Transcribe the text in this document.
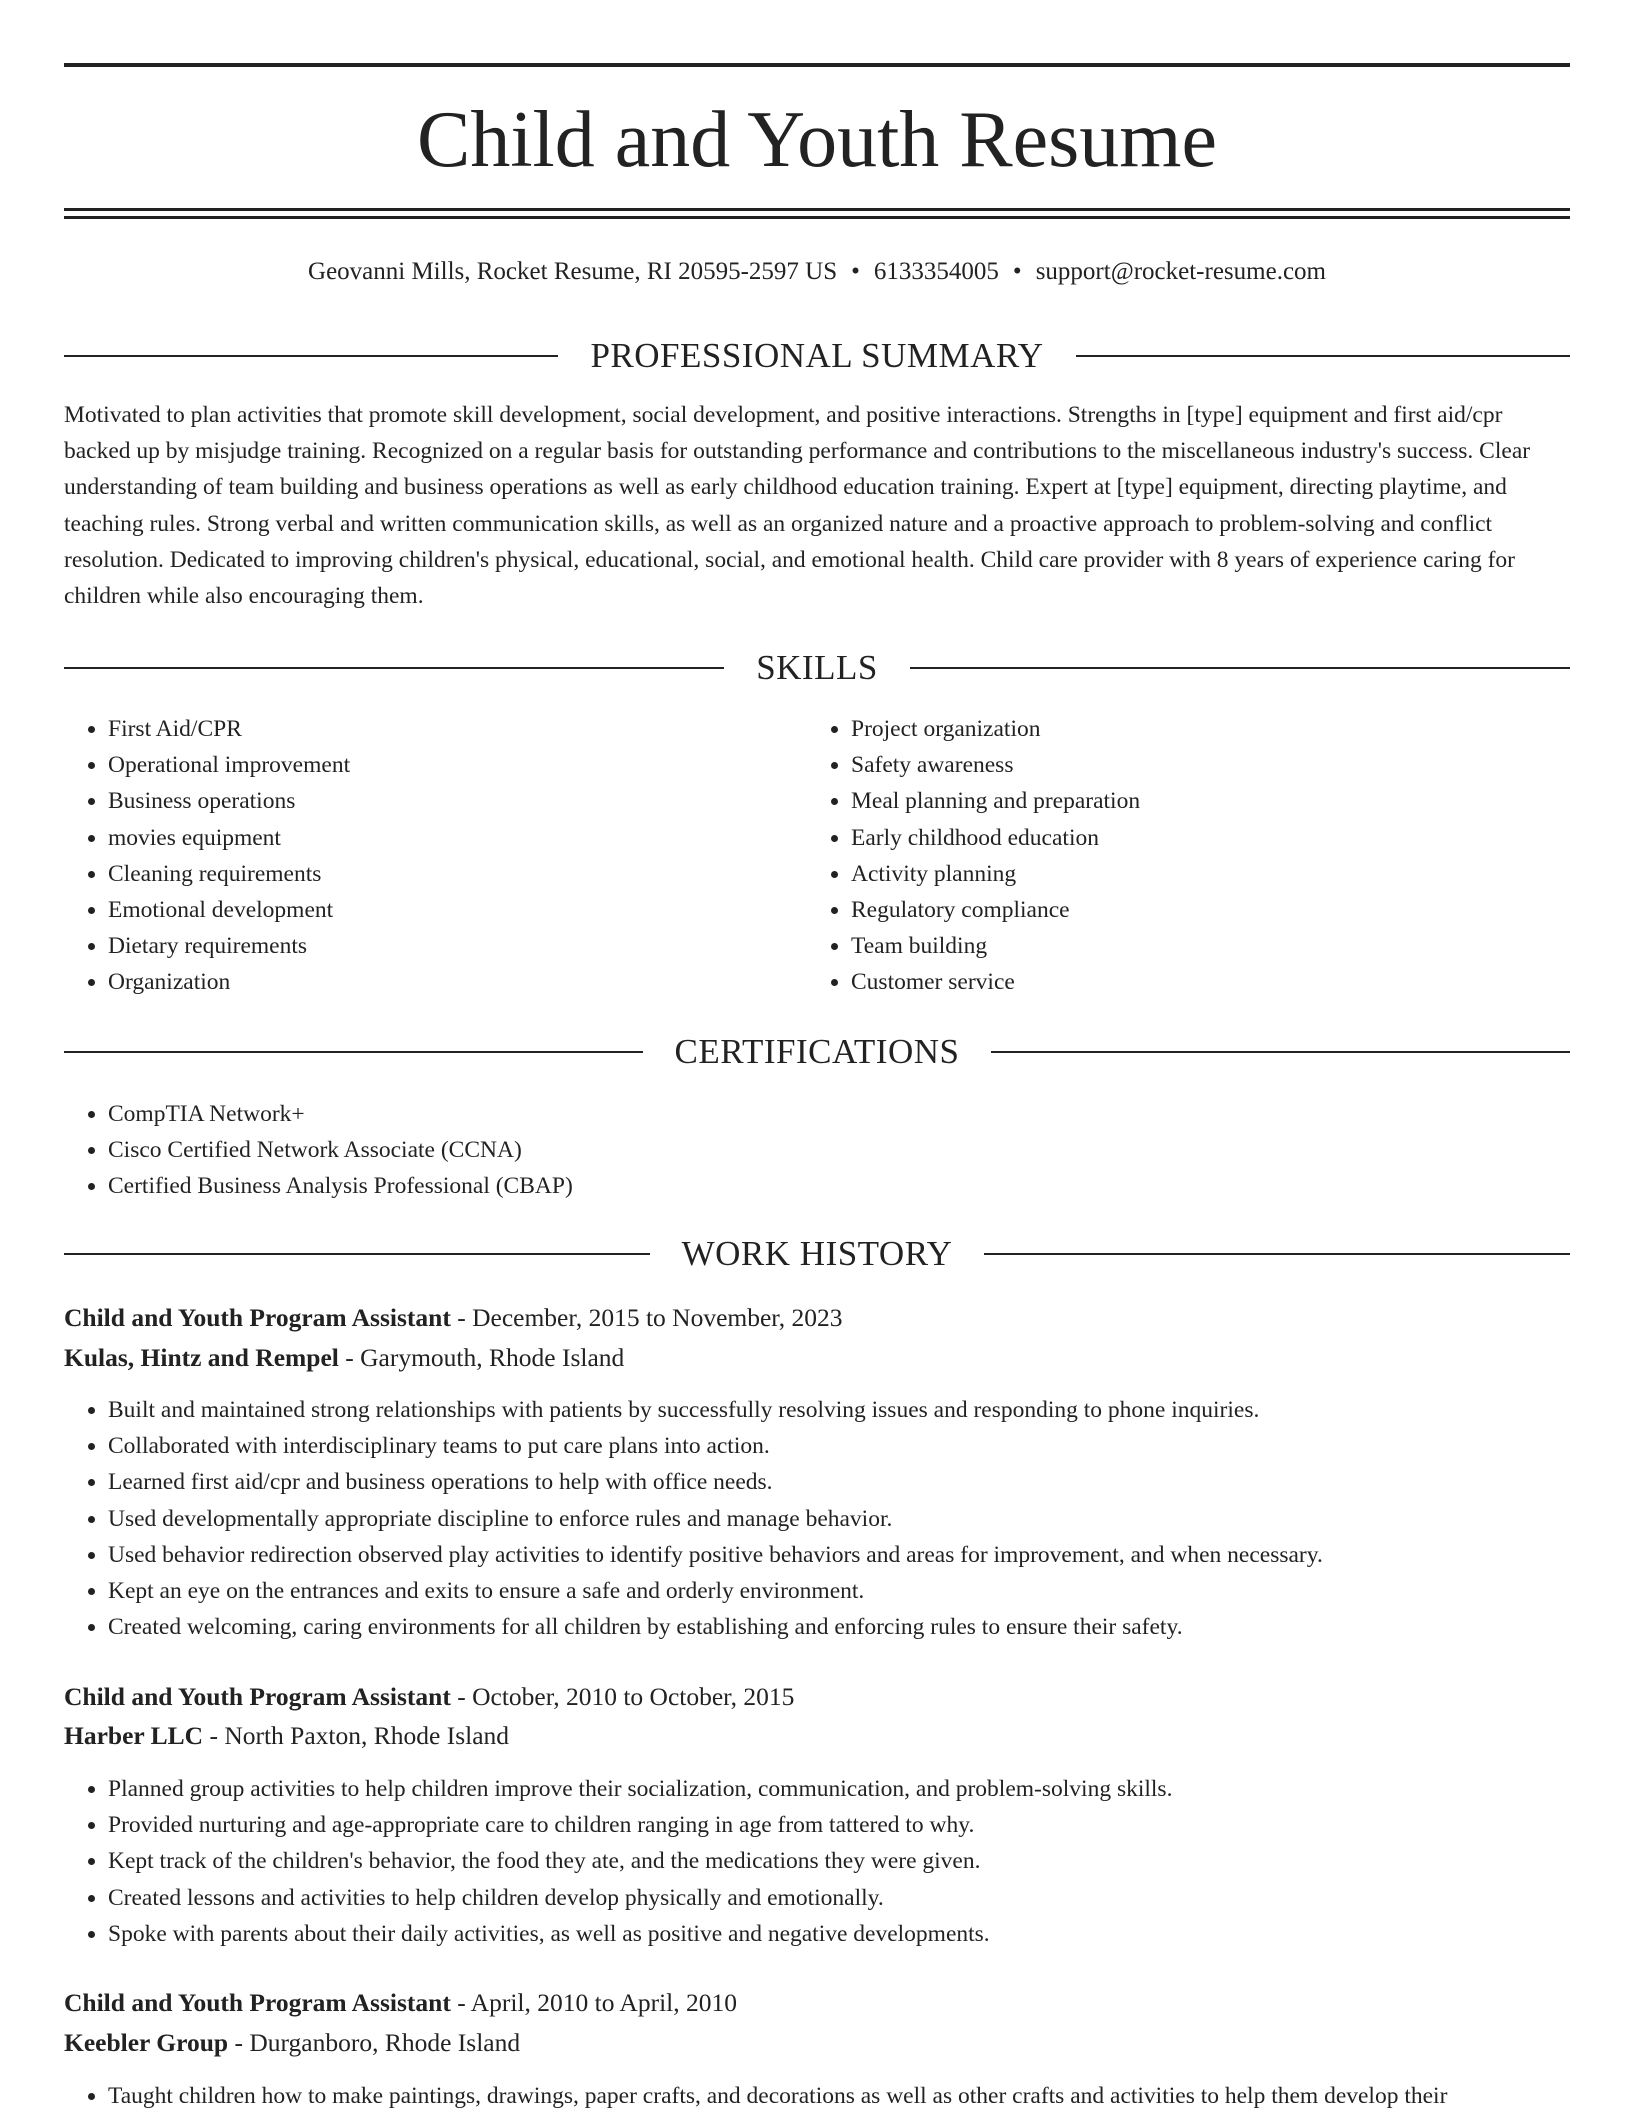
Child and Youth Resume
Geovanni Mills, Rocket Resume, RI 20595-2597 US • 6133354005 • support@rocket-resume.com
PROFESSIONAL SUMMARY

Motivated to plan activities that promote skill development, social development, and positive interactions. Strengths in [type] equipment and first aid/cpr backed up by misjudge training. Recognized on a regular basis for outstanding performance and contributions to the miscellaneous industry's success. Clear understanding of team building and business operations as well as early childhood education training. Expert at [type] equipment, directing playtime, and teaching rules. Strong verbal and written communication skills, as well as an organized nature and a proactive approach to problem-solving and conflict resolution. Dedicated to improving children's physical, educational, social, and emotional health. Child care provider with 8 years of experience caring for children while also encouraging them.

SKILLS
• First Aid/CPR
• Operational improvement
• Business operations
• movies equipment
• Cleaning requirements
• Emotional development
• Dietary requirements
• Organization
• Project organization
• Safety awareness
• Meal planning and preparation
• Early childhood education
• Activity planning
• Regulatory compliance
• Team building
• Customer service
CERTIFICATIONS
• CompTIA Network+
• Cisco Certified Network Associate (CCNA)
• Certified Business Analysis Professional (CBAP)
WORK HISTORY
Child and Youth Program Assistant - December, 2015 to November, 2023
Kulas, Hintz and Rempel - Garymouth, Rhode Island
• Built and maintained strong relationships with patients by successfully resolving issues and responding to phone inquiries.
• Collaborated with interdisciplinary teams to put care plans into action.
• Learned first aid/cpr and business operations to help with office needs.
• Used developmentally appropriate discipline to enforce rules and manage behavior.
• Used behavior redirection observed play activities to identify positive behaviors and areas for improvement, and when necessary.
• Kept an eye on the entrances and exits to ensure a safe and orderly environment.
• Created welcoming, caring environments for all children by establishing and enforcing rules to ensure their safety.
Child and Youth Program Assistant - October, 2010 to October, 2015
Harber LLC - North Paxton, Rhode Island
• Planned group activities to help children improve their socialization, communication, and problem-solving skills.
• Provided nurturing and age-appropriate care to children ranging in age from tattered to why.
• Kept track of the children's behavior, the food they ate, and the medications they were given.
• Created lessons and activities to help children develop physically and emotionally.
• Spoke with parents about their daily activities, as well as positive and negative developments.
Child and Youth Program Assistant - April, 2010 to April, 2010
Keebler Group - Durganboro, Rhode Island
• Taught children how to make paintings, drawings, paper crafts, and decorations as well as other crafts and activities to help them develop their
